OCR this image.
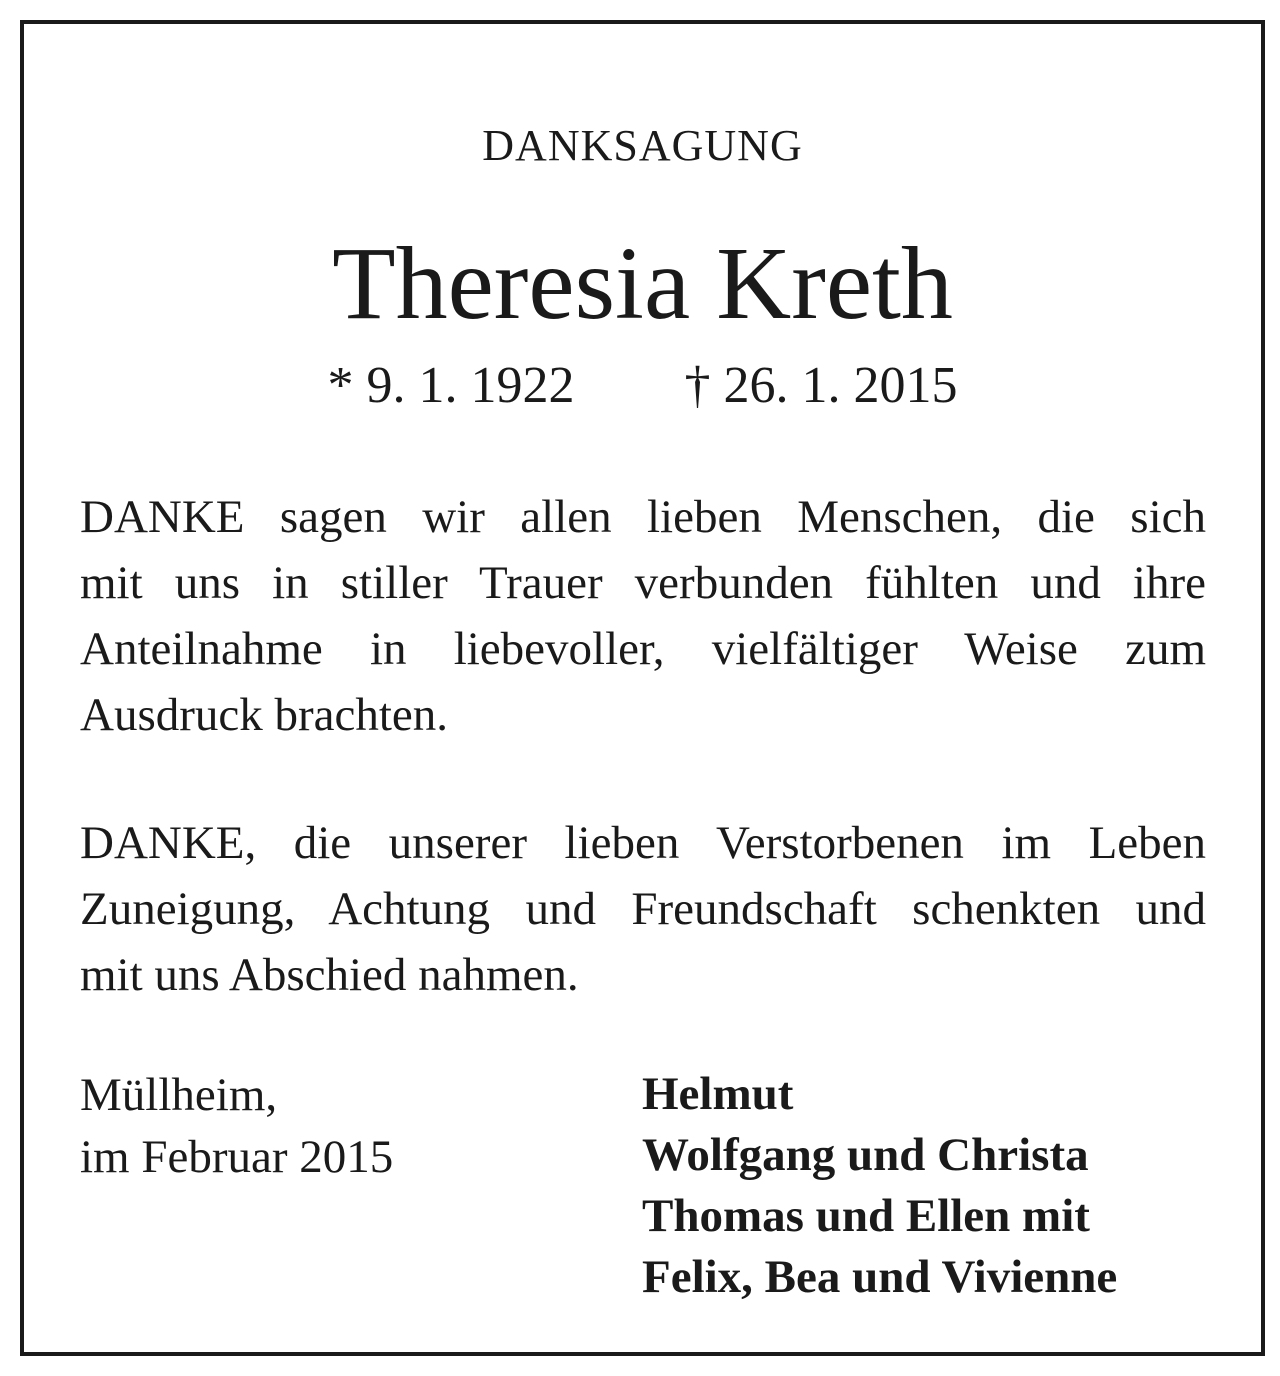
DANKSAGUNG
Theresia Kreth
* 9. 1. 1922 † 26. 1. 2015
DANKE sagen wir allen lieben Menschen, die sich
mit uns in stiller Trauer verbunden fühlten und ihre
Anteilnahme in liebevoller, vielfältiger Weise zum
Ausdruck brachten.
DANKE, die unserer lieben Verstorbenen im Leben
Zuneigung, Achtung und Freundschaft schenkten und
mit uns Abschied nahmen.
Müllheim,
im Februar 2015
Helmut
Wolfgang und Christa
Thomas und Ellen mit
Felix, Bea und Vivienne
